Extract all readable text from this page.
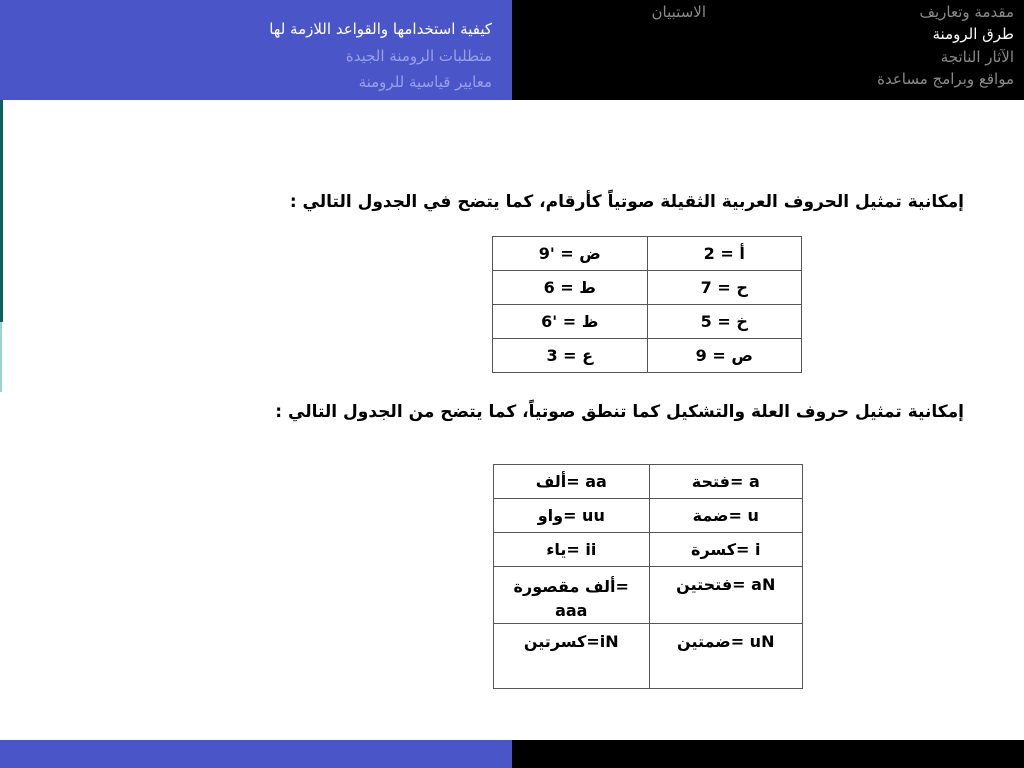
كيفية استخدامها والقواعد اللازمة لها
متطلبات الرومنة الجيدة
معايير قياسية للرومنة
الاستبيان	مقدمة وتعاريف
طرق الرومنة
الآثار الناتجة
مواقع وبرامج مساعدة
إمكانية تمثيل الحروف العربية الثقيلة صوتياً كأرقام، كما يتضح في الجدول التالي :
أ = 2	ض = '9
ح = 7	ط = 6
خ = 5	ظ = '6
ص = 9	ع = 3
إمكانية تمثيل حروف العلة والتشكيل كما تنطق صوتياً، كما يتضح من الجدول التالي :
a =فتحة	aa =ألف
u =ضمة	uu =واو
i =كسرة	ii =ياء
aN =فتحتين	=ألف مقصورة aaa
uN =ضمتين	iN=كسرتين
